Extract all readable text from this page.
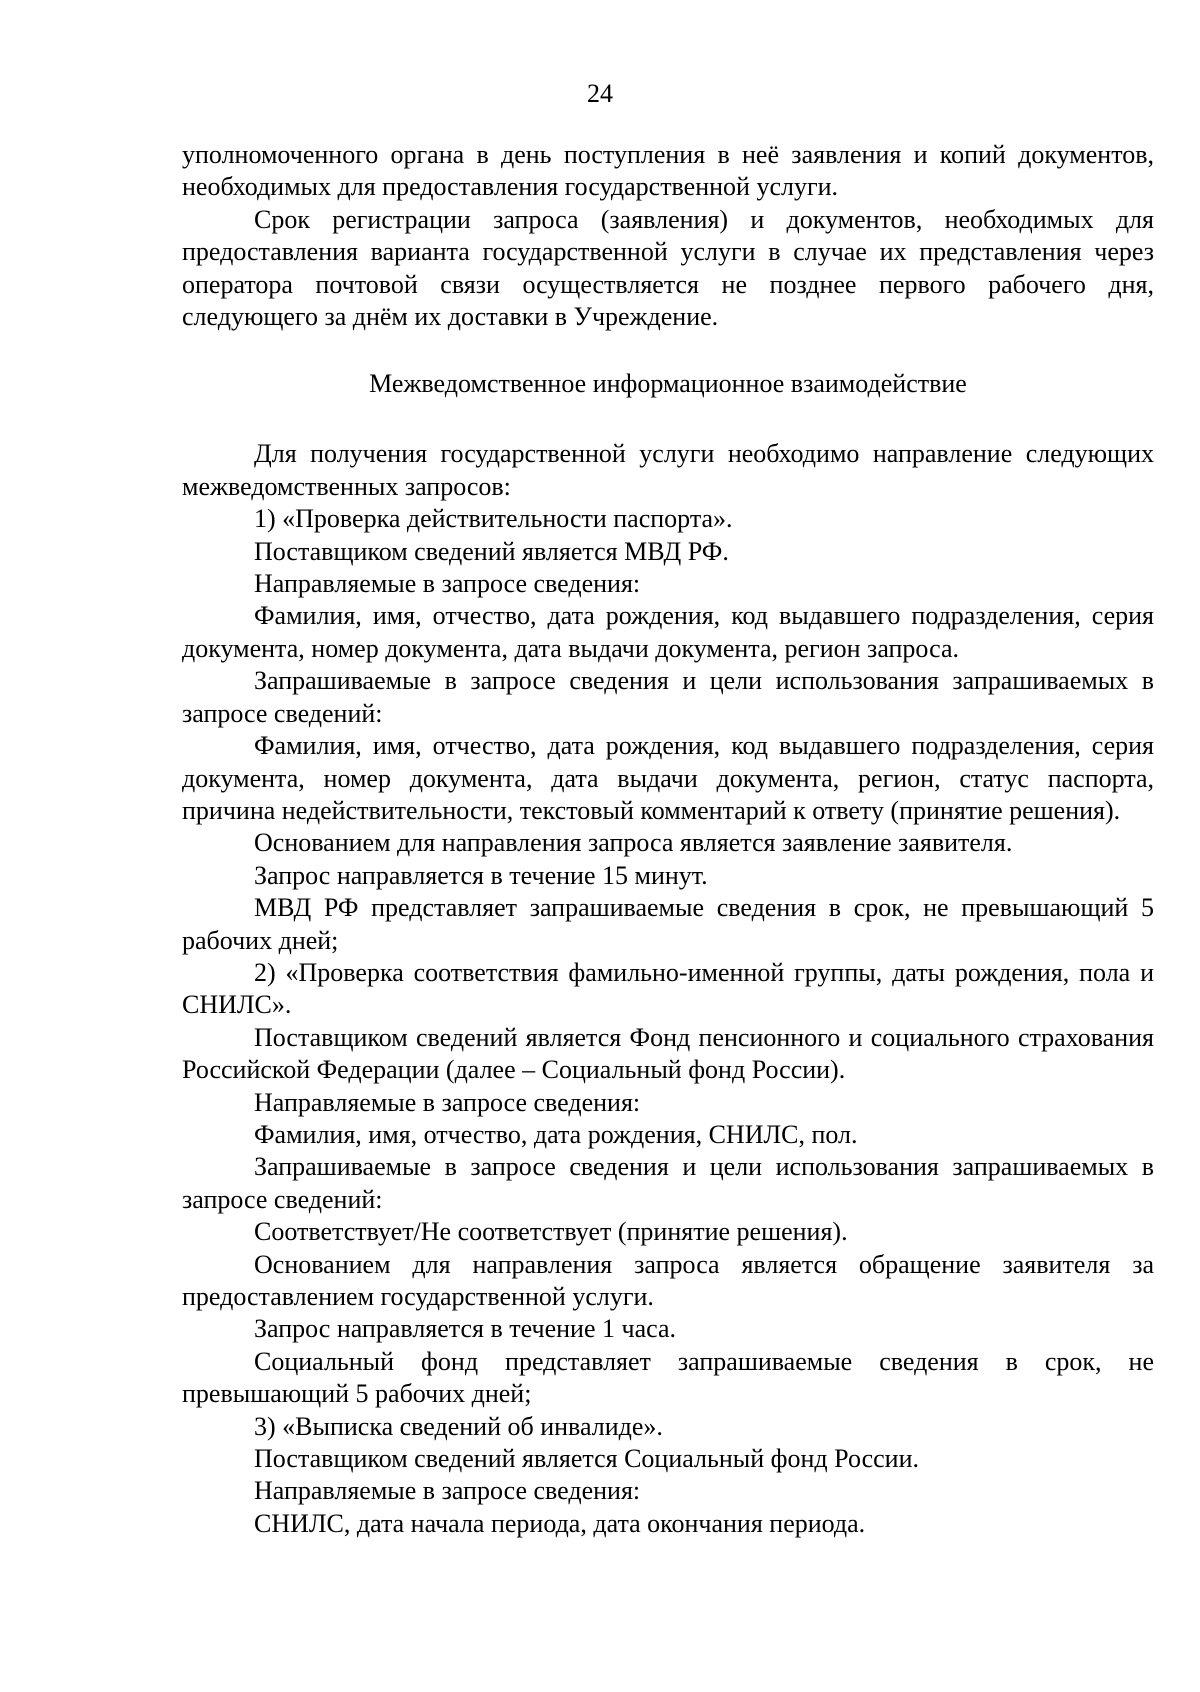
24

уполномоченного органа в день поступления в неё заявления и копий документов, необходимых для предоставления государственной услуги.

Срок регистрации запроса (заявления) и документов, необходимых для предоставления варианта государственной услуги в случае их представления через оператора почтовой связи осуществляется не позднее первого рабочего дня, следующего за днём их доставки в Учреждение.

Межведомственное информационное взаимодействие

Для получения государственной услуги необходимо направление следующих межведомственных запросов:

1) «Проверка действительности паспорта».

Поставщиком сведений является МВД РФ.

Направляемые в запросе сведения:

Фамилия, имя, отчество, дата рождения, код выдавшего подразделения, серия документа, номер документа, дата выдачи документа, регион запроса.

Запрашиваемые в запросе сведения и цели использования запрашиваемых в запросе сведений:

Фамилия, имя, отчество, дата рождения, код выдавшего подразделения, серия документа, номер документа, дата выдачи документа, регион, статус паспорта, причина недействительности, текстовый комментарий к ответу (принятие решения).

Основанием для направления запроса является заявление заявителя.

Запрос направляется в течение 15 минут.

МВД РФ представляет запрашиваемые сведения в срок, не превышающий 5 рабочих дней;

2) «Проверка соответствия фамильно-именной группы, даты рождения, пола и СНИЛС».

Поставщиком сведений является Фонд пенсионного и социального страхования Российской Федерации (далее – Социальный фонд России).

Направляемые в запросе сведения:

Фамилия, имя, отчество, дата рождения, СНИЛС, пол.

Запрашиваемые в запросе сведения и цели использования запрашиваемых в запросе сведений:

Соответствует/Не соответствует (принятие решения).

Основанием для направления запроса является обращение заявителя за предоставлением государственной услуги.

Запрос направляется в течение 1 часа.

Социальный фонд представляет запрашиваемые сведения в срок, не превышающий 5 рабочих дней;

3) «Выписка сведений об инвалиде».

Поставщиком сведений является Социальный фонд России.

Направляемые в запросе сведения:

СНИЛС, дата начала периода, дата окончания периода.
